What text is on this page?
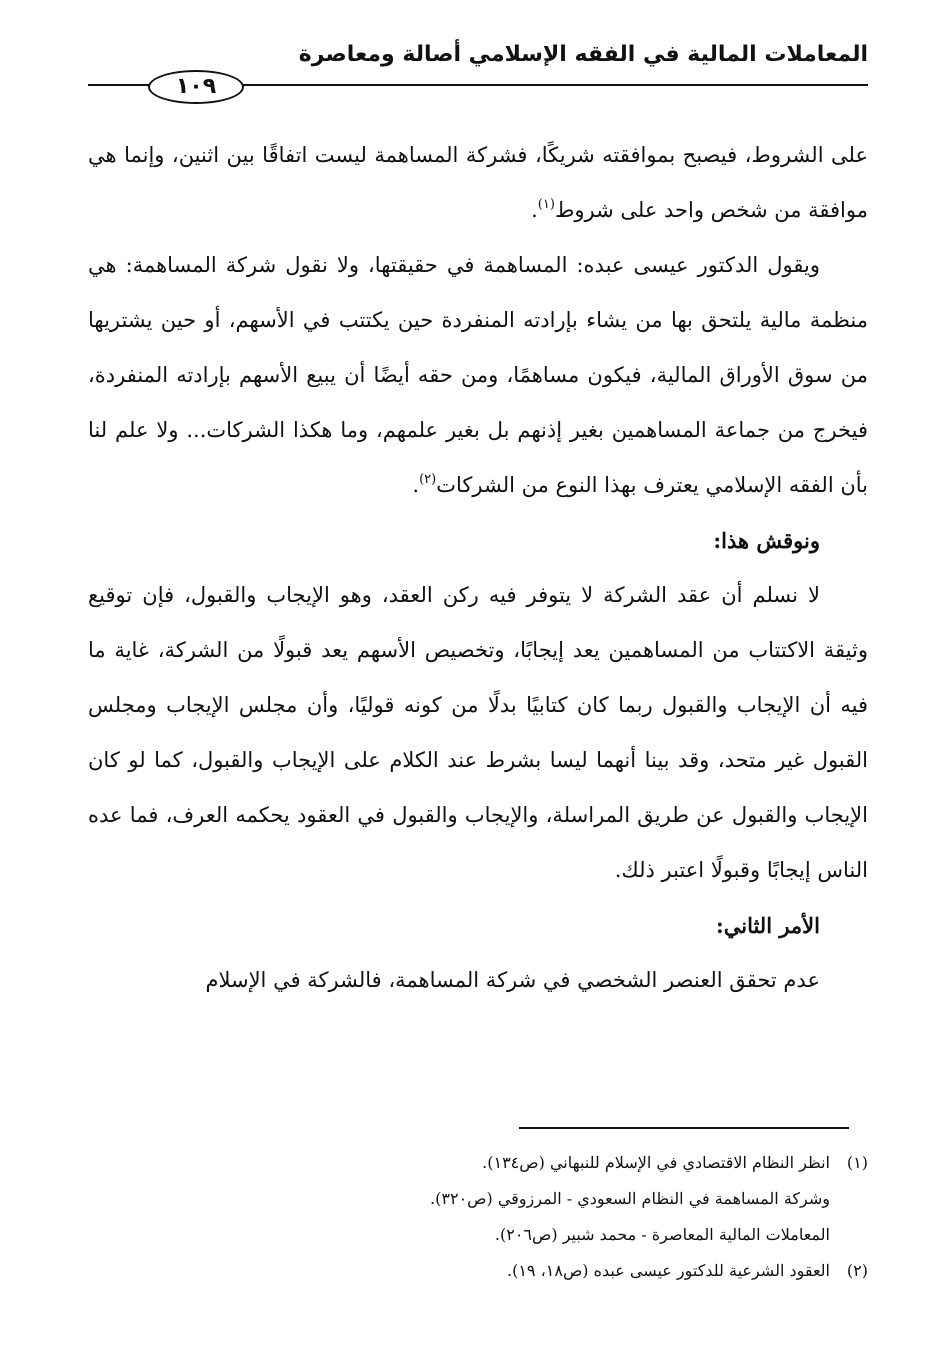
المعاملات المالية في الفقه الإسلامي أصالة ومعاصرة
١٠٩

على الشروط، فيصبح بموافقته شريكًا، فشركة المساهمة ليست اتفاقًا بين اثنين، وإنما هي موافقة من شخص واحد على شروط$^{(١)}$.

ويقول الدكتور عيسى عبده: المساهمة في حقيقتها، ولا نقول شركة المساهمة: هي منظمة مالية يلتحق بها من يشاء بإرادته المنفردة حين يكتتب في الأسهم، أو حين يشتريها من سوق الأوراق المالية، فيكون مساهمًا، ومن حقه أيضًا أن يبيع الأسهم بإرادته المنفردة، فيخرج من جماعة المساهمين بغير إذنهم بل بغير علمهم، وما هكذا الشركات... ولا علم لنا بأن الفقه الإسلامي يعترف بهذا النوع من الشركات$^{(٢)}$.

ونوقش هذا:

لا نسلم أن عقد الشركة لا يتوفر فيه ركن العقد، وهو الإيجاب والقبول، فإن توقيع وثيقة الاكتتاب من المساهمين يعد إيجابًا، وتخصيص الأسهم يعد قبولًا من الشركة، غاية ما فيه أن الإيجاب والقبول ربما كان كتابيًا بدلًا من كونه قوليًا، وأن مجلس الإيجاب ومجلس القبول غير متحد، وقد بينا أنهما ليسا بشرط عند الكلام على الإيجاب والقبول، كما لو كان الإيجاب والقبول عن طريق المراسلة، والإيجاب والقبول في العقود يحكمه العرف، فما عده الناس إيجابًا وقبولًا اعتبر ذلك.

الأمر الثاني:

عدم تحقق العنصر الشخصي في شركة المساهمة، فالشركة في الإسلام

(١)انظر النظام الاقتصادي في الإسلام للنبهاني (ص١٣٤).

وشركة المساهمة في النظام السعودي - المرزوقي (ص٣٢٠).

المعاملات المالية المعاصرة - محمد شبير (ص٢٠٦).

(٢)العقود الشرعية للدكتور عيسى عبده (ص١٨، ١٩).
